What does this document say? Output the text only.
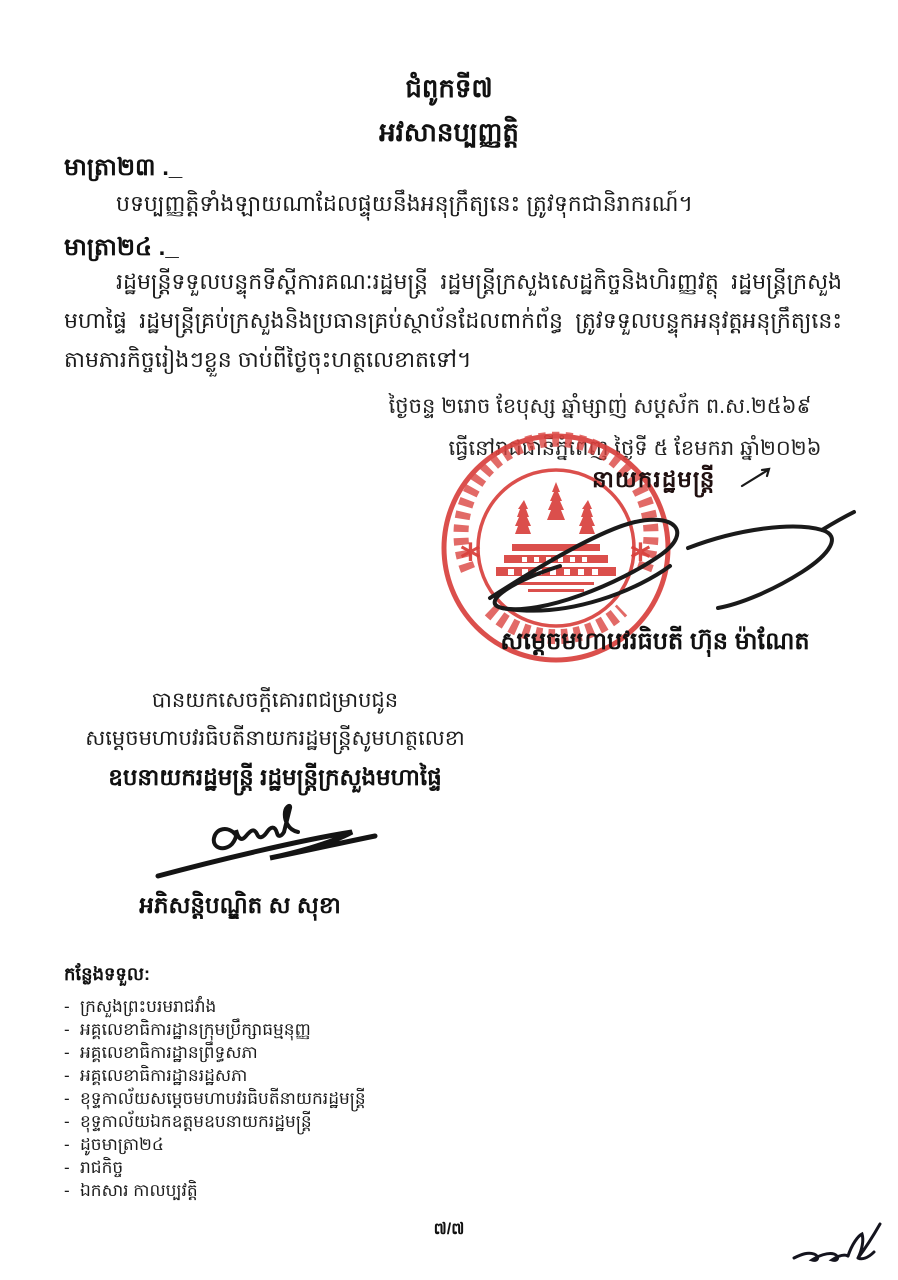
ជំពូកទី៧
អវសានប្បញ្ញត្តិ
មាត្រា២៣ ._
បទប្បញ្ញត្តិទាំងឡាយណាដែលផ្ទុយនឹងអនុក្រឹត្យនេះ ត្រូវទុកជានិរាករណ៍។
មាត្រា២៤ ._
រដ្ឋមន្ត្រីទទួលបន្ទុកទីស្ដីការគណៈរដ្ឋមន្ត្រី រដ្ឋមន្ត្រីក្រសួងសេដ្ឋកិច្ចនិងហិរញ្ញវត្ថុ រដ្ឋមន្ត្រីក្រសួងមហាផ្ទៃ រដ្ឋមន្ត្រីគ្រប់ក្រសួងនិងប្រធានគ្រប់ស្ថាប័នដែលពាក់ព័ន្ធ ត្រូវទទួលបន្ទុកអនុវត្តអនុក្រឹត្យនេះ តាមភារកិច្ចរៀងៗខ្លួន ចាប់ពីថ្ងៃចុះហត្ថលេខាតទៅ។
ថ្ងៃចន្ទ ២រោច ខែបុស្ស ឆ្នាំម្សាញ់ សប្ដស័ក ព.ស.២៥៦៩
ធ្វើនៅរាជធានីភ្នំពេញ ថ្ងៃទី ៥ ខែមករា ឆ្នាំ២០២៦
*	*
នាយករដ្ឋមន្ត្រី
សម្ដេចមហាបវរធិបតី ហ៊ុន ម៉ាណែត
បានយកសេចក្ដីគោរពជម្រាបជូន
សម្ដេចមហាបវរធិបតីនាយករដ្ឋមន្ត្រីសូមហត្ថលេខា
ឧបនាយករដ្ឋមន្ត្រី រដ្ឋមន្ត្រីក្រសួងមហាផ្ទៃ
អភិសន្តិបណ្ឌិត ស សុខា
កន្លែងទទួល:
- ក្រសួងព្រះបរមរាជវាំង
- អគ្គលេខាធិការដ្ឋានក្រុមប្រឹក្សាធម្មនុញ្ញ
- អគ្គលេខាធិការដ្ឋានព្រឹទ្ធសភា
- អគ្គលេខាធិការដ្ឋានរដ្ឋសភា
- ខុទ្ទកាល័យសម្ដេចមហាបវរធិបតីនាយករដ្ឋមន្ត្រី
- ខុទ្ទកាល័យឯកឧត្តមឧបនាយករដ្ឋមន្ត្រី
- ដូចមាត្រា២៤
- រាជកិច្ច
- ឯកសារ កាលប្បវត្តិ
៧/៧
